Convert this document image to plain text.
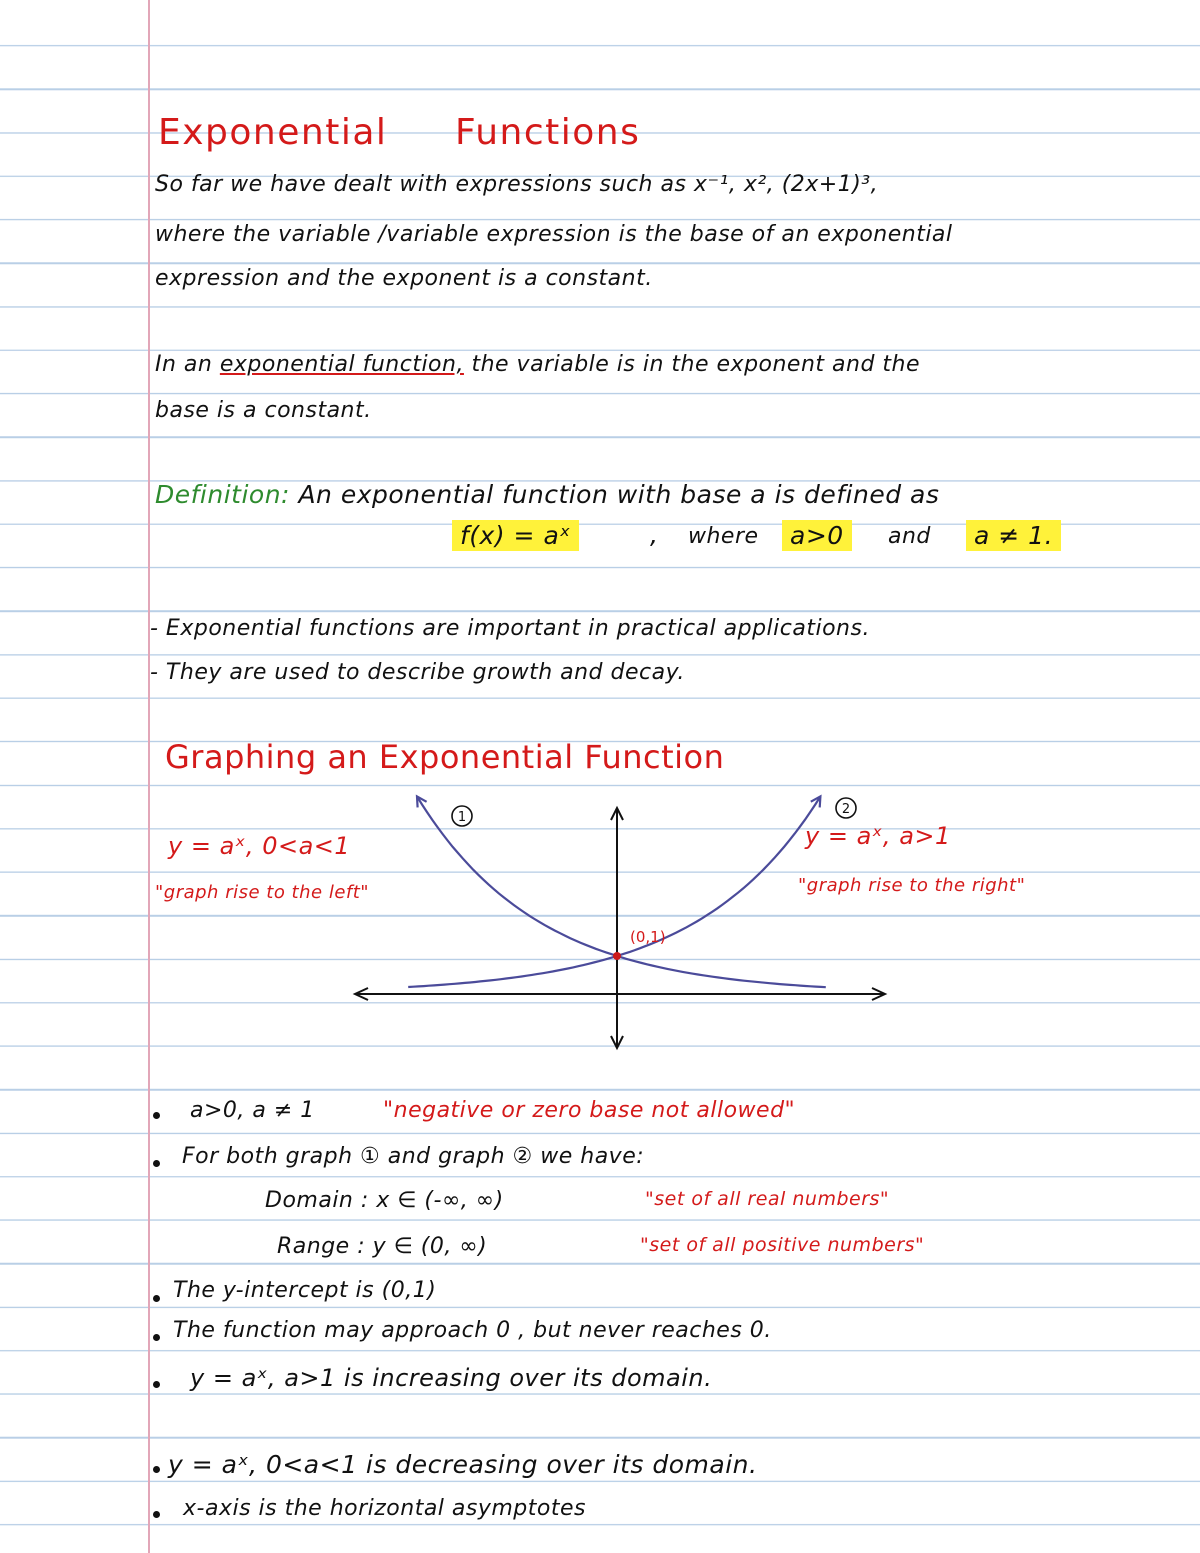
Exponential Functions
So far we have dealt with expressions such as x⁻¹, x², (2x+1)³,
where the variable /variable expression is the base of an exponential
expression and the exponent is a constant.
In an exponential function, the variable is in the exponent and the
base is a constant.
Definition: An exponential function with base a is defined as
f(x) = aˣ	, where	a>0	and	a ≠ 1.
- Exponential functions are important in practical applications.
- They are used to describe growth and decay.
Graphing an Exponential Function
y = aˣ, 0<a<1
"graph rise to the left"
y = aˣ, a>1
"graph rise to the right"
1
2
(0,1)
a>0, a ≠ 1	"negative or zero base not allowed"
For both graph ① and graph ② we have:
Domain : x ∈ (-∞, ∞)	"set of all real numbers"
Range : y ∈ (0, ∞)	"set of all positive numbers"
The y-intercept is (0,1)
The function may approach 0 , but never reaches 0.
y = aˣ, a>1 is increasing over its domain.
y = aˣ, 0<a<1 is decreasing over its domain.
x-axis is the horizontal asymptotes
